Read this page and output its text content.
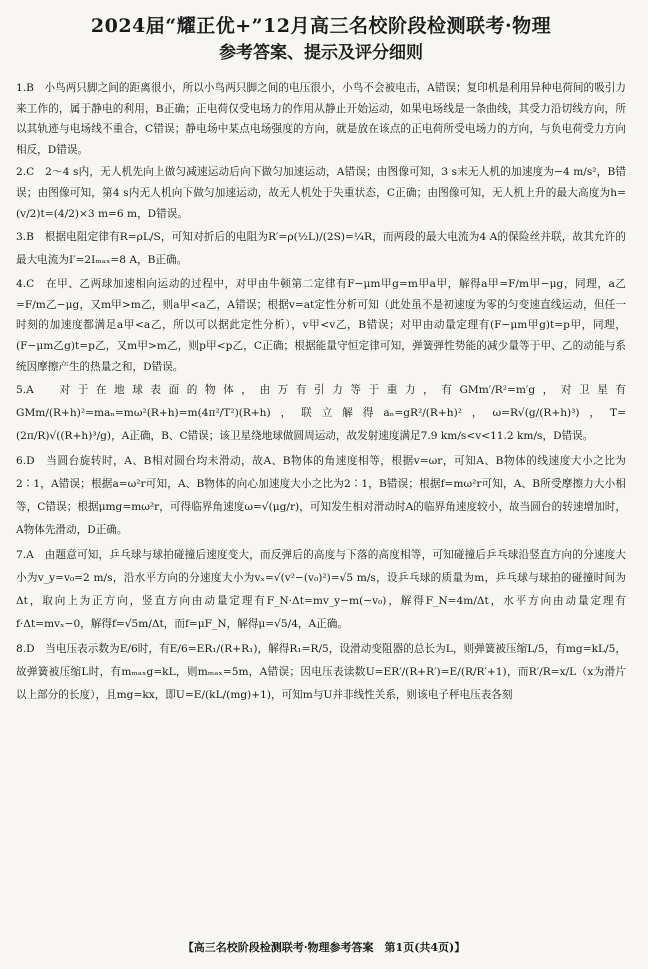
2024届“耀正优+”12月高三名校阶段检测联考·物理
参考答案、提示及评分细则

1.B　小鸟两只脚之间的距离很小，所以小鸟两只脚之间的电压很小，小鸟不会被电击，A错误；复印机是利用异种电荷间的吸引力来工作的，属于静电的利用，B正确；正电荷仅受电场力的作用从静止开始运动，如果电场线是一条曲线，其受力沿切线方向，所以其轨迹与电场线不重合，C错误；静电场中某点电场强度的方向，就是放在该点的正电荷所受电场力的方向，与负电荷受力方向相反，D错误。

2.C　2～4 s内，无人机先向上做匀减速运动后向下做匀加速运动，A错误；由图像可知，3 s末无人机的加速度为−4 m/s²，B错误；由图像可知，第4 s内无人机向下做匀加速运动，故无人机处于失重状态，C正确；由图像可知，无人机上升的最大高度为h=(v/2)t=(4/2)×3 m=6 m，D错误。

3.B　根据电阻定律有R=ρL/S，可知对折后的电阻为R′=ρ(½L)/(2S)=¼R，而两段的最大电流为4 A的保险丝并联，故其允许的最大电流为I′=2Iₘₐₓ=8 A，B正确。

4.C　在甲、乙两球加速相向运动的过程中，对甲由牛顿第二定律有F−μm甲g=m甲a甲，解得a甲=F/m甲−μg，同理，a乙=F/m乙−μg，又m甲>m乙，则a甲<a乙，A错误；根据v=at定性分析可知（此处虽不是初速度为零的匀变速直线运动，但任一时刻的加速度都满足a甲<a乙，所以可以据此定性分析），v甲<v乙，B错误；对甲由动量定理有(F−μm甲g)t=p甲，同理，(F−μm乙g)t=p乙，又m甲>m乙，则p甲<p乙，C正确；根据能量守恒定律可知，弹簧弹性势能的减少量等于甲、乙的动能与系统因摩擦产生的热量之和，D错误。

5.A　对于在地球表面的物体，由万有引力等于重力，有GMm′/R²=m′g，对卫星有GMm/(R+h)²=maₙ=mω²(R+h)=m(4π²/T²)(R+h)，联立解得aₙ=gR²/(R+h)²，ω=R√(g/(R+h)³)，T=(2π/R)√((R+h)³/g)，A正确，B、C错误；该卫星绕地球做圆周运动，故发射速度满足7.9 km/s<v<11.2 km/s，D错误。

6.D　当圆台旋转时，A、B相对圆台均未滑动，故A、B物体的角速度相等，根据v=ωr，可知A、B物体的线速度大小之比为2∶1，A错误；根据a=ω²r可知，A、B物体的向心加速度大小之比为2∶1，B错误；根据f=mω²r可知，A、B所受摩擦力大小相等，C错误；根据μmg=mω²r，可得临界角速度ω=√(μg/r)，可知发生相对滑动时A的临界角速度较小，故当圆台的转速增加时，A物体先滑动，D正确。

7.A　由题意可知，乒乓球与球拍碰撞后速度变大，而反弹后的高度与下落的高度相等，可知碰撞后乒乓球沿竖直方向的分速度大小为v_y=v₀=2 m/s，沿水平方向的分速度大小为vₓ=√(v²−(v₀)²)=√5 m/s，设乒乓球的质量为m，乒乓球与球拍的碰撞时间为Δt，取向上为正方向，竖直方向由动量定理有F_N·Δt=mv_y−m(−v₀)，解得F_N=4m/Δt，水平方向由动量定理有f·Δt=mvₓ−0，解得f=√5m/Δt，而f=μF_N，解得μ=√5/4，A正确。

8.D　当电压表示数为E/6时，有E/6=ER₁/(R+R₁)，解得R₁=R/5，设滑动变阻器的总长为L，则弹簧被压缩L/5，有mg=kL/5，故弹簧被压缩L时，有mₘₐₓg=kL，则mₘₐₓ=5m，A错误；因电压表读数U=ER′/(R+R′)=E/(R/R′+1)，而R′/R=x/L（x为滑片以上部分的长度），且mg=kx，即U=E/(kL/(mg)+1)，可知m与U并非线性关系，则该电子秤电压表各刻

【高三名校阶段检测联考·物理参考答案　第1页(共4页)】
